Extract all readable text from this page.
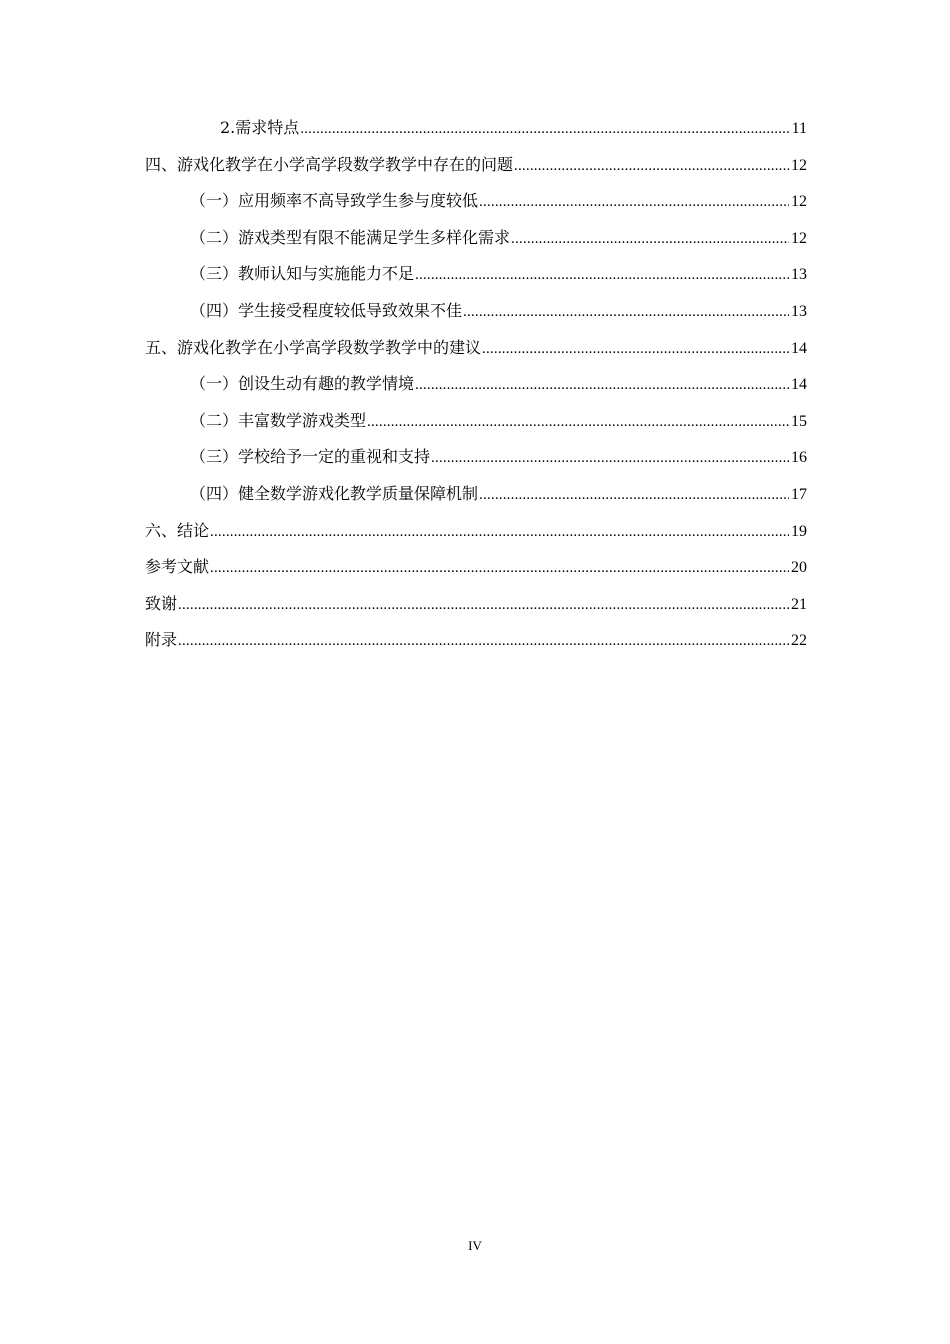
2. 需求特点 .....	11
四、 游戏化教学在小学高学段数学教学中存在的问题 .....	12
（一） 应用频率不高导致学生参与度较低 .....	12
（二） 游戏类型有限不能满足学生多样化需求 .....	12
（三） 教师认知与实施能力不足 .....	13
（四） 学生接受程度较低导致效果不佳 .....	13
五、 游戏化教学在小学高学段数学教学中的建议 .....	14
（一） 创设生动有趣的教学情境 .....	14
（二） 丰富数学游戏类型 .....	15
（三） 学校给予一定的重视和支持 .....	16
（四） 健全数学游戏化教学质量保障机制 .....	17
六、 结论 .....	19
参考文献 .....	20
致谢 .....	21
附录 .....	22
IV
